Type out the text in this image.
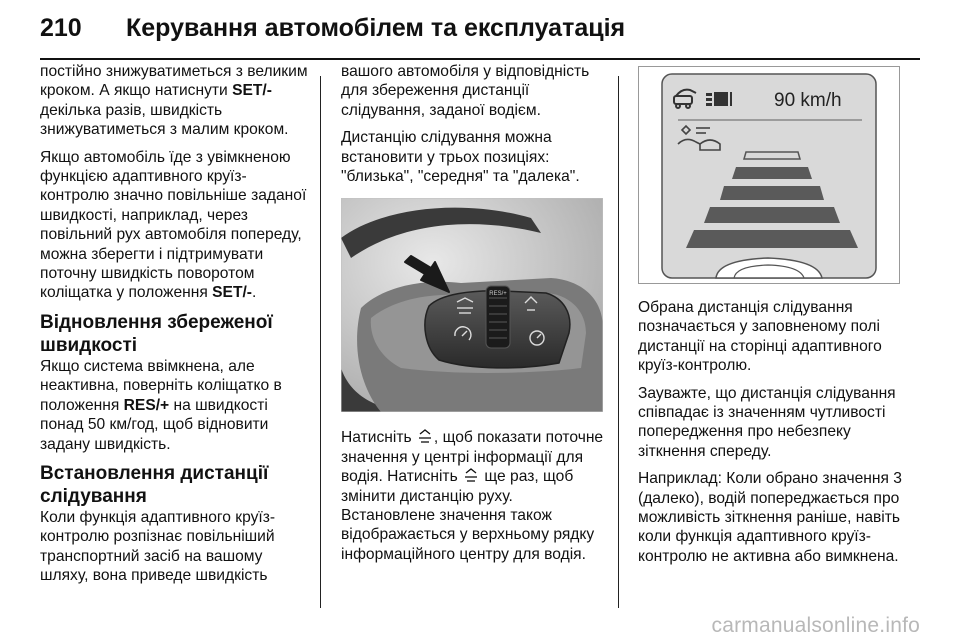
210 Керування автомобілем та експлуатація

постійно знижуватиметься з великим кроком. А якщо натиснути SET/- декілька разів, швидкість знижуватиметься з малим кроком.

Якщо автомобіль їде з увімкненою функцією адаптивного круїз-контролю значно повільніше заданої швидкості, наприклад, через повільний рух автомобіля попереду, можна зберегти і підтримувати поточну швидкість поворотом коліщатка у положення SET/-.

Відновлення збереженої швидкості

Якщо система ввімкнена, але неактивна, поверніть коліщатко в положення RES/+ на швидкості понад 50 км/год, щоб відновити задану швидкість.

Встановлення дистанції слідування

Коли функція адаптивного круїз-контролю розпізнає повільніший транспортний засіб на вашому шляху, вона приведе швидкість

вашого автомобіля у відповідність для збереження дистанції слідування, заданої водієм.

Дистанцію слідування можна встановити у трьох позиціях: "близька", "середня" та "далека".

RES/+

Натисніть , щоб показати поточне значення у центрі інформації для водія. Натисніть  ще раз, щоб змінити дистанцію руху. Встановлене значення також відображається у верхньому рядку інформаційного центру для водія.

90 km/h

Обрана дистанція слідування позначається у заповненому полі дистанції на сторінці адаптивного круїз-контролю.

Зауважте, що дистанція слідування співпадає із значенням чутливості попередження про небезпеку зіткнення спереду.

Наприклад: Коли обрано значення 3 (далеко), водій попереджається про можливість зіткнення раніше, навіть коли функція адаптивного круїз-контролю не активна або вимкнена.

carmanualsonline.info
